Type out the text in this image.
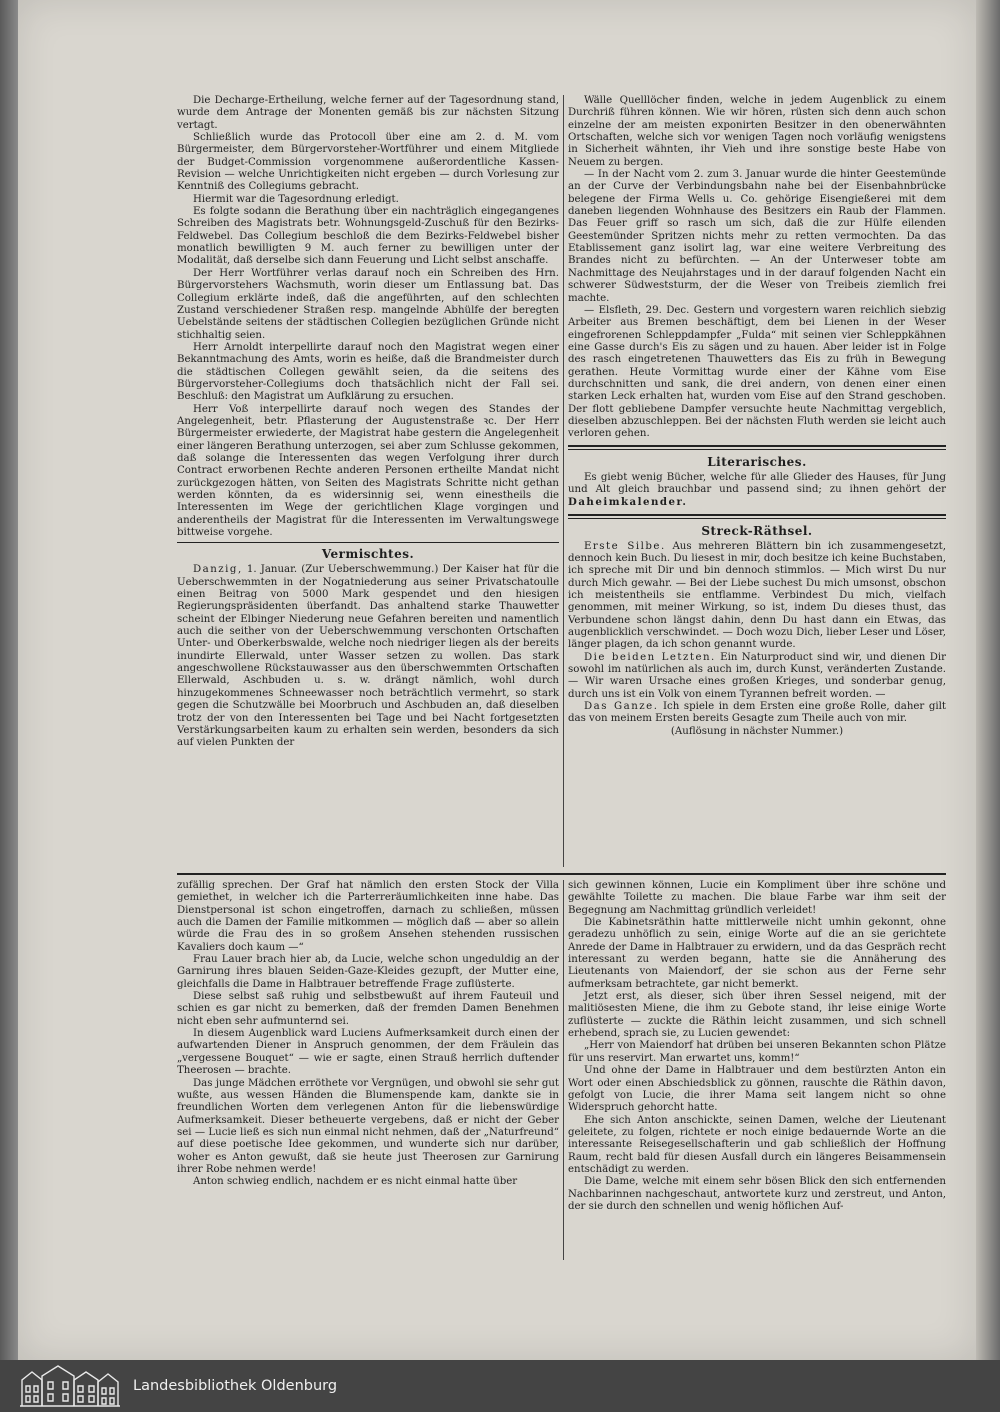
Die Decharge-Ertheilung, welche ferner auf der Tagesordnung stand, wurde dem Antrage der Monenten gemäß bis zur nächsten Sitzung vertagt.

Schließlich wurde das Protocoll über eine am 2. d. M. vom Bürgermeister, dem Bürgervorsteher-Wortführer und einem Mitgliede der Budget-Commission vorgenommene außerordentliche Kassen-Revision — welche Unrichtigkeiten nicht ergeben — durch Vorlesung zur Kenntniß des Collegiums gebracht.

Hiermit war die Tagesordnung erledigt.

Es folgte sodann die Berathung über ein nachträglich eingegangenes Schreiben des Magistrats betr. Wohnungsgeld-Zuschuß für den Bezirks-Feldwebel. Das Collegium beschloß die dem Bezirks-Feldwebel bisher monatlich bewilligten 9 M. auch ferner zu bewilligen unter der Modalität, daß derselbe sich dann Feuerung und Licht selbst anschaffe.

Der Herr Wortführer verlas darauf noch ein Schreiben des Hrn. Bürgervorstehers Wachsmuth, worin dieser um Entlassung bat. Das Collegium erklärte indeß, daß die angeführten, auf den schlechten Zustand verschiedener Straßen resp. mangelnde Abhülfe der beregten Uebelstände seitens der städtischen Collegien bezüglichen Gründe nicht stichhaltig seien.

Herr Arnoldt interpellirte darauf noch den Magistrat wegen einer Bekanntmachung des Amts, worin es heiße, daß die Brandmeister durch die städtischen Collegen gewählt seien, da die seitens des Bürgervorsteher-Collegiums doch thatsächlich nicht der Fall sei. Beschluß: den Magistrat um Aufklärung zu ersuchen.

Herr Voß interpellirte darauf noch wegen des Standes der Angelegenheit, betr. Pflasterung der Augustenstraße ꝛc. Der Herr Bürgermeister erwiederte, der Magistrat habe gestern die Angelegenheit einer längeren Berathung unterzogen, sei aber zum Schlusse gekommen, daß solange die Interessenten das wegen Verfolgung ihrer durch Contract erworbenen Rechte anderen Personen ertheilte Mandat nicht zurückgezogen hätten, von Seiten des Magistrats Schritte nicht gethan werden könnten, da es widersinnig sei, wenn einestheils die Interessenten im Wege der gerichtlichen Klage vorgingen und anderentheils der Magistrat für die Interessenten im Verwaltungswege bittweise vorgehe.

Vermischtes.

Danzig, 1. Januar. (Zur Ueberschwemmung.) Der Kaiser hat für die Ueberschwemmten in der Nogatniederung aus seiner Privatschatoulle einen Beitrag von 5000 Mark gespendet und den hiesigen Regierungspräsidenten überfandt. Das anhaltend starke Thauwetter scheint der Elbinger Niederung neue Gefahren bereiten und namentlich auch die seither von der Ueberschwemmung verschonten Ortschaften Unter- und Oberkerbswalde, welche noch niedriger liegen als der bereits inundirte Ellerwald, unter Wasser setzen zu wollen. Das stark angeschwollene Rückstauwasser aus den überschwemmten Ortschaften Ellerwald, Aschbuden u. s. w. drängt nämlich, wohl durch hinzugekommenes Schneewasser noch beträchtlich vermehrt, so stark gegen die Schutzwälle bei Moorbruch und Aschbuden an, daß dieselben trotz der von den Interessenten bei Tage und bei Nacht fortgesetzten Verstärkungsarbeiten kaum zu erhalten sein werden, besonders da sich auf vielen Punkten der

Wälle Quelllöcher finden, welche in jedem Augenblick zu einem Durchriß führen können. Wie wir hören, rüsten sich denn auch schon einzelne der am meisten exponirten Besitzer in den obenerwähnten Ortschaften, welche sich vor wenigen Tagen noch vorläufig wenigstens in Sicherheit wähnten, ihr Vieh und ihre sonstige beste Habe von Neuem zu bergen.

— In der Nacht vom 2. zum 3. Januar wurde die hinter Geestemünde an der Curve der Verbindungsbahn nahe bei der Eisenbahnbrücke belegene der Firma Wells u. Co. gehörige Eisengießerei mit dem daneben liegenden Wohnhause des Besitzers ein Raub der Flammen. Das Feuer griff so rasch um sich, daß die zur Hülfe eilenden Geestemünder Spritzen nichts mehr zu retten vermochten. Da das Etablissement ganz isolirt lag, war eine weitere Verbreitung des Brandes nicht zu befürchten. — An der Unterweser tobte am Nachmittage des Neujahrstages und in der darauf folgenden Nacht ein schwerer Südweststurm, der die Weser von Treibeis ziemlich frei machte.

— Elsfleth, 29. Dec. Gestern und vorgestern waren reichlich siebzig Arbeiter aus Bremen beschäftigt, dem bei Lienen in der Weser eingefrorenen Schleppdampfer „Fulda“ mit seinen vier Schleppkähnen eine Gasse durch's Eis zu sägen und zu hauen. Aber leider ist in Folge des rasch eingetretenen Thauwetters das Eis zu früh in Bewegung gerathen. Heute Vormittag wurde einer der Kähne vom Eise durchschnitten und sank, die drei andern, von denen einer einen starken Leck erhalten hat, wurden vom Eise auf den Strand geschoben. Der flott gebliebene Dampfer versuchte heute Nachmittag vergeblich, dieselben abzuschleppen. Bei der nächsten Fluth werden sie leicht auch verloren gehen.

Literarisches.

Es giebt wenig Bücher, welche für alle Glieder des Hauses, für Jung und Alt gleich brauchbar und passend sind; zu ihnen gehört der Daheimkalender.

Streck-Räthsel.

Erste Silbe. Aus mehreren Blättern bin ich zusammengesetzt, dennoch kein Buch. Du liesest in mir, doch besitze ich keine Buchstaben, ich spreche mit Dir und bin dennoch stimmlos. — Mich wirst Du nur durch Mich gewahr. — Bei der Liebe suchest Du mich umsonst, obschon ich meistentheils sie entflamme. Verbindest Du mich, vielfach genommen, mit meiner Wirkung, so ist, indem Du dieses thust, das Verbundene schon längst dahin, denn Du hast dann ein Etwas, das augenblicklich verschwindet. — Doch wozu Dich, lieber Leser und Löser, länger plagen, da ich schon genannt wurde.

Die beiden Letzten. Ein Naturproduct sind wir, und dienen Dir sowohl im natürlichen als auch im, durch Kunst, veränderten Zustande. — Wir waren Ursache eines großen Krieges, und sonderbar genug, durch uns ist ein Volk von einem Tyrannen befreit worden. —

Das Ganze. Ich spiele in dem Ersten eine große Rolle, daher gilt das von meinem Ersten bereits Gesagte zum Theile auch von mir.

(Auflösung in nächster Nummer.)

zufällig sprechen. Der Graf hat nämlich den ersten Stock der Villa gemiethet, in welcher ich die Parterreräumlichkeiten inne habe. Das Dienstpersonal ist schon eingetroffen, darnach zu schließen, müssen auch die Damen der Familie mitkommen — möglich daß — aber so allein würde die Frau des in so großem Ansehen stehenden russischen Kavaliers doch kaum —“

Frau Lauer brach hier ab, da Lucie, welche schon ungeduldig an der Garnirung ihres blauen Seiden-Gaze-Kleides gezupft, der Mutter eine, gleichfalls die Dame in Halbtrauer betreffende Frage zuflüsterte.

Diese selbst saß ruhig und selbstbewußt auf ihrem Fauteuil und schien es gar nicht zu bemerken, daß der fremden Damen Benehmen nicht eben sehr aufmunternd sei.

In diesem Augenblick ward Luciens Aufmerksamkeit durch einen der aufwartenden Diener in Anspruch genommen, der dem Fräulein das „vergessene Bouquet“ — wie er sagte, einen Strauß herrlich duftender Theerosen — brachte.

Das junge Mädchen erröthete vor Vergnügen, und obwohl sie sehr gut wußte, aus wessen Händen die Blumenspende kam, dankte sie in freundlichen Worten dem verlegenen Anton für die liebenswürdige Aufmerksamkeit. Dieser betheuerte vergebens, daß er nicht der Geber sei — Lucie ließ es sich nun einmal nicht nehmen, daß der „Naturfreund“ auf diese poetische Idee gekommen, und wunderte sich nur darüber, woher es Anton gewußt, daß sie heute just Theerosen zur Garnirung ihrer Robe nehmen werde!

Anton schwieg endlich, nachdem er es nicht einmal hatte über

sich gewinnen können, Lucie ein Kompliment über ihre schöne und gewählte Toilette zu machen. Die blaue Farbe war ihm seit der Begegnung am Nachmittag gründlich verleidet!

Die Kabinetsräthin hatte mittlerweile nicht umhin gekonnt, ohne geradezu unhöflich zu sein, einige Worte auf die an sie gerichtete Anrede der Dame in Halbtrauer zu erwidern, und da das Gespräch recht interessant zu werden begann, hatte sie die Annäherung des Lieutenants von Maiendorf, der sie schon aus der Ferne sehr aufmerksam betrachtete, gar nicht bemerkt.

Jetzt erst, als dieser, sich über ihren Sessel neigend, mit der malitiösesten Miene, die ihm zu Gebote stand, ihr leise einige Worte zuflüsterte — zuckte die Räthin leicht zusammen, und sich schnell erhebend, sprach sie, zu Lucien gewendet:

„Herr von Maiendorf hat drüben bei unseren Bekannten schon Plätze für uns reservirt. Man erwartet uns, komm!“

Und ohne der Dame in Halbtrauer und dem bestürzten Anton ein Wort oder einen Abschiedsblick zu gönnen, rauschte die Räthin davon, gefolgt von Lucie, die ihrer Mama seit langem nicht so ohne Widerspruch gehorcht hatte.

Ehe sich Anton anschickte, seinen Damen, welche der Lieutenant geleitete, zu folgen, richtete er noch einige bedauernde Worte an die interessante Reisegesellschafterin und gab schließlich der Hoffnung Raum, recht bald für diesen Ausfall durch ein längeres Beisammensein entschädigt zu werden.

Die Dame, welche mit einem sehr bösen Blick den sich entfernenden Nachbarinnen nachgeschaut, antwortete kurz und zerstreut, und Anton, der sie durch den schnellen und wenig höflichen Auf-

Landesbibliothek Oldenburg
